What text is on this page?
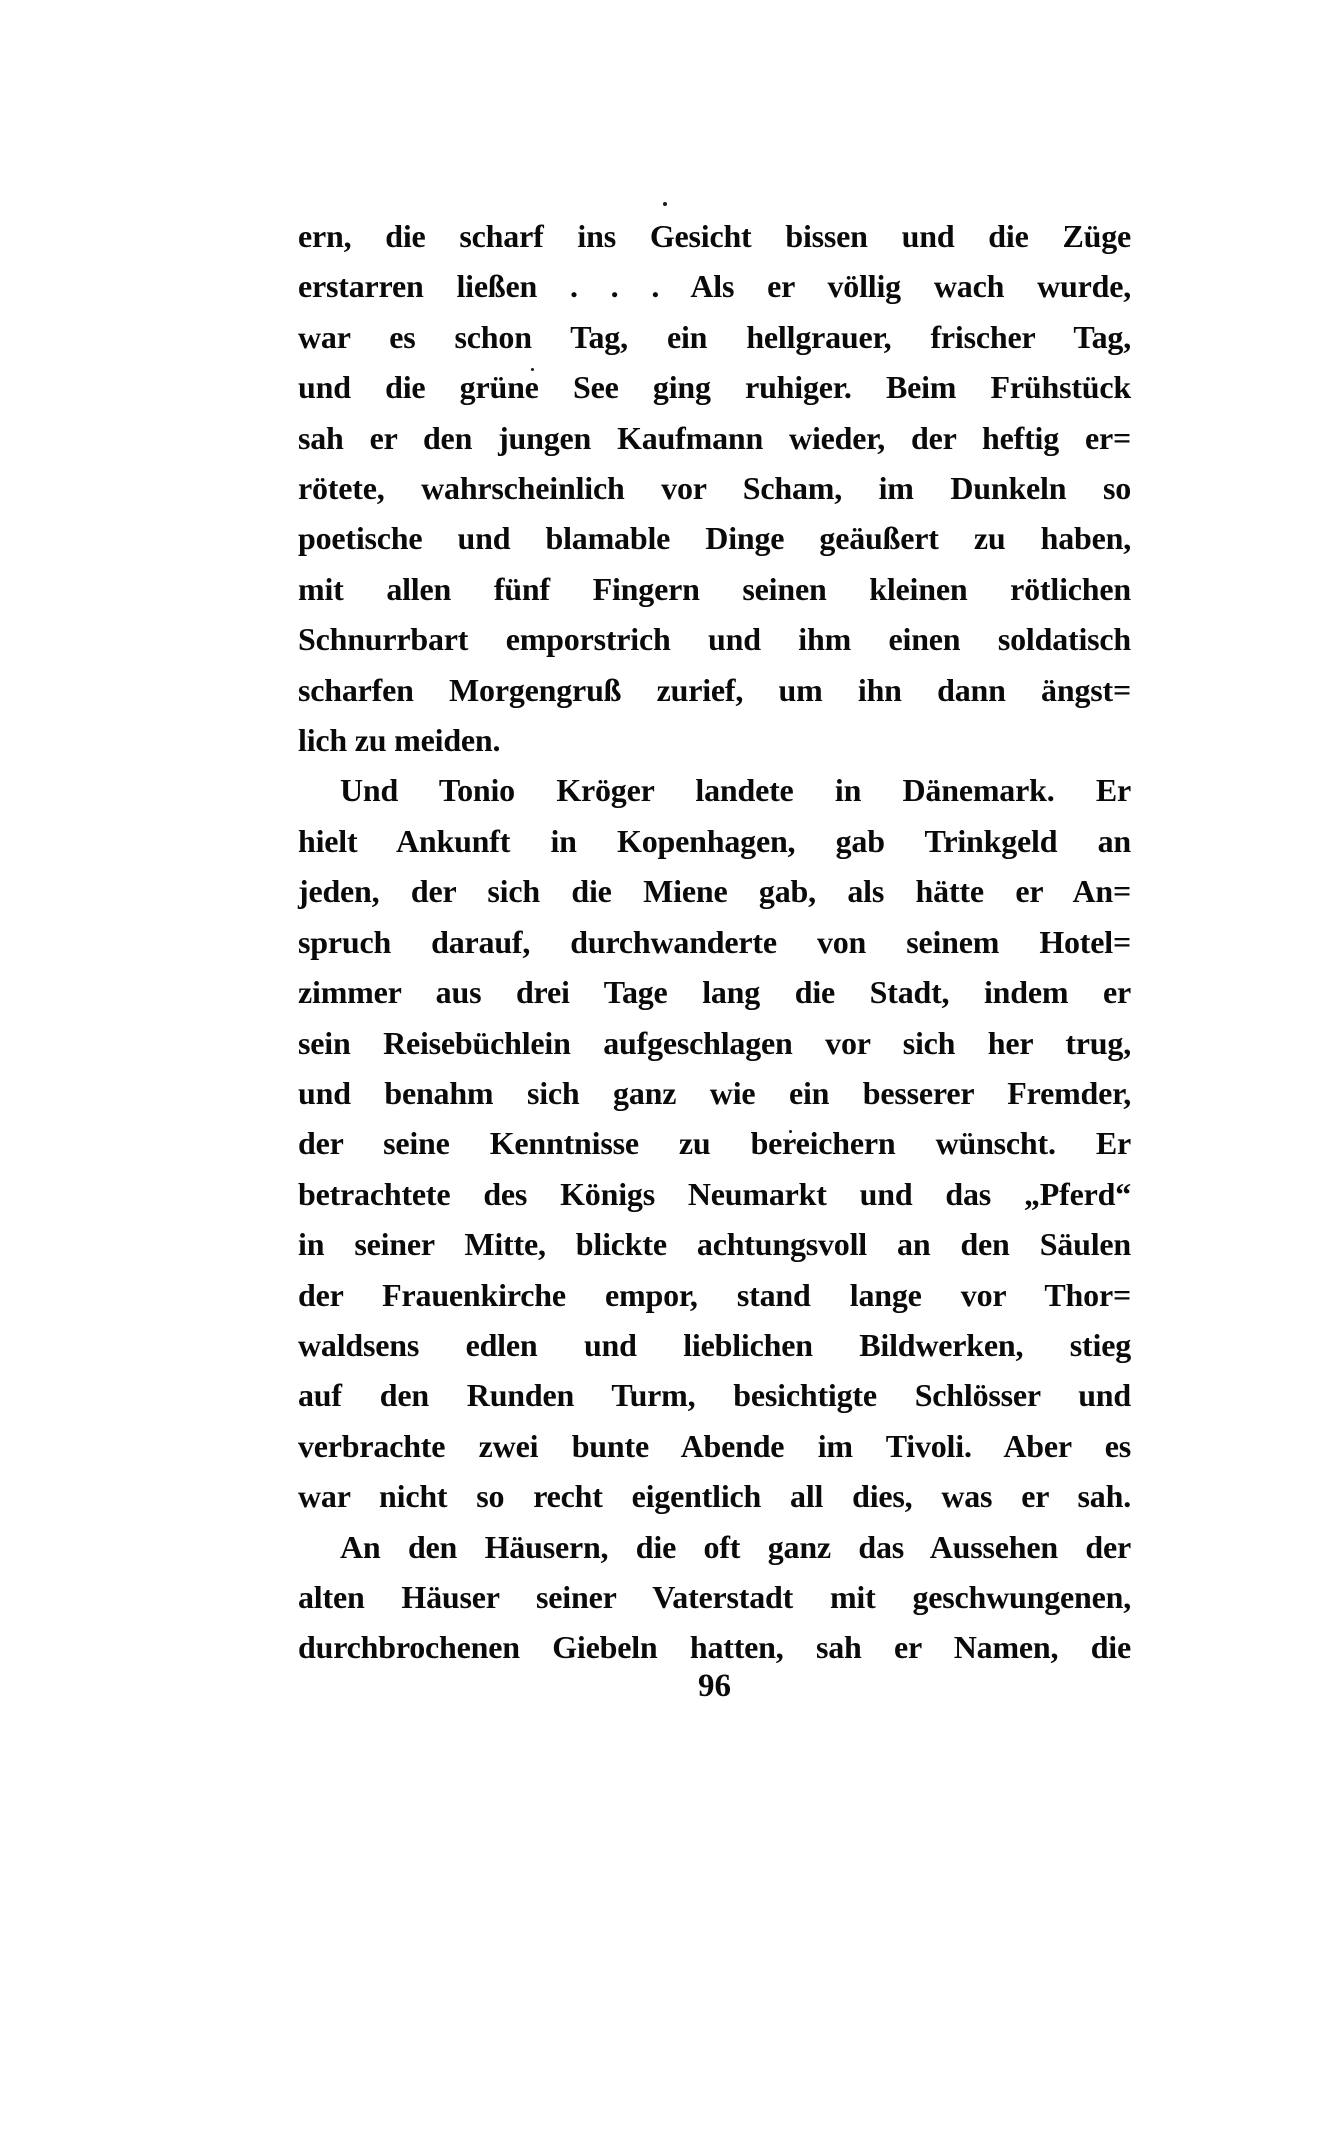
ern, die scharf ins Gesicht bissen und die Züge
erstarren ließen . . . Als er völlig wach wurde,
war es schon Tag, ein hellgrauer, frischer Tag,
und die grüne See ging ruhiger. Beim Frühstück
sah er den jungen Kaufmann wieder, der heftig er=
rötete, wahrscheinlich vor Scham, im Dunkeln so
poetische und blamable Dinge geäußert zu haben,
mit allen fünf Fingern seinen kleinen rötlichen
Schnurrbart emporstrich und ihm einen soldatisch
scharfen Morgengruß zurief, um ihn dann ängst=
lich zu meiden.
Und Tonio Kröger landete in Dänemark. Er
hielt Ankunft in Kopenhagen, gab Trinkgeld an
jeden, der sich die Miene gab, als hätte er An=
spruch darauf, durchwanderte von seinem Hotel=
zimmer aus drei Tage lang die Stadt, indem er
sein Reisebüchlein aufgeschlagen vor sich her trug,
und benahm sich ganz wie ein besserer Fremder,
der seine Kenntnisse zu bereichern wünscht. Er
betrachtete des Königs Neumarkt und das „Pferd“
in seiner Mitte, blickte achtungsvoll an den Säulen
der Frauenkirche empor, stand lange vor Thor=
waldsens edlen und lieblichen Bildwerken, stieg
auf den Runden Turm, besichtigte Schlösser und
verbrachte zwei bunte Abende im Tivoli. Aber es
war nicht so recht eigentlich all dies, was er sah.
An den Häusern, die oft ganz das Aussehen der
alten Häuser seiner Vaterstadt mit geschwungenen,
durchbrochenen Giebeln hatten, sah er Namen, die
96
